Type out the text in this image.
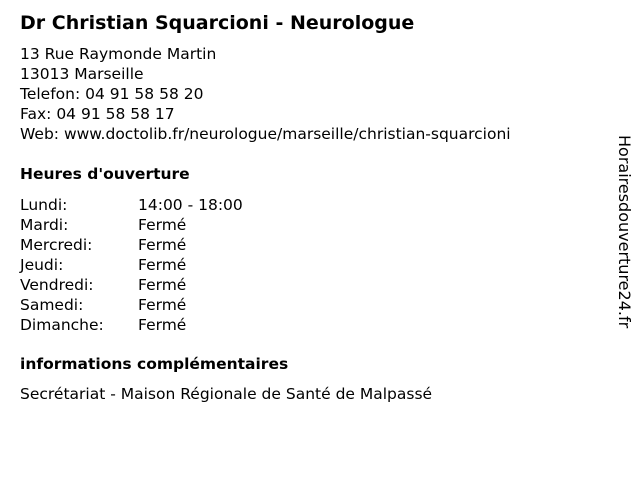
Dr Christian Squarcioni - Neurologue
13 Rue Raymonde Martin
13013 Marseille
Telefon: 04 91 58 58 20
Fax: 04 91 58 58 17
Web: www.doctolib.fr/neurologue/marseille/christian-squarcioni
Heures d'ouverture
Lundi:	14:00 - 18:00
Mardi:	Fermé
Mercredi:	Fermé
Jeudi:	Fermé
Vendredi:	Fermé
Samedi:	Fermé
Dimanche: Fermé
informations complémentaires
Secrétariat - Maison Régionale de Santé de Malpassé
Horairesdouverture24.fr
